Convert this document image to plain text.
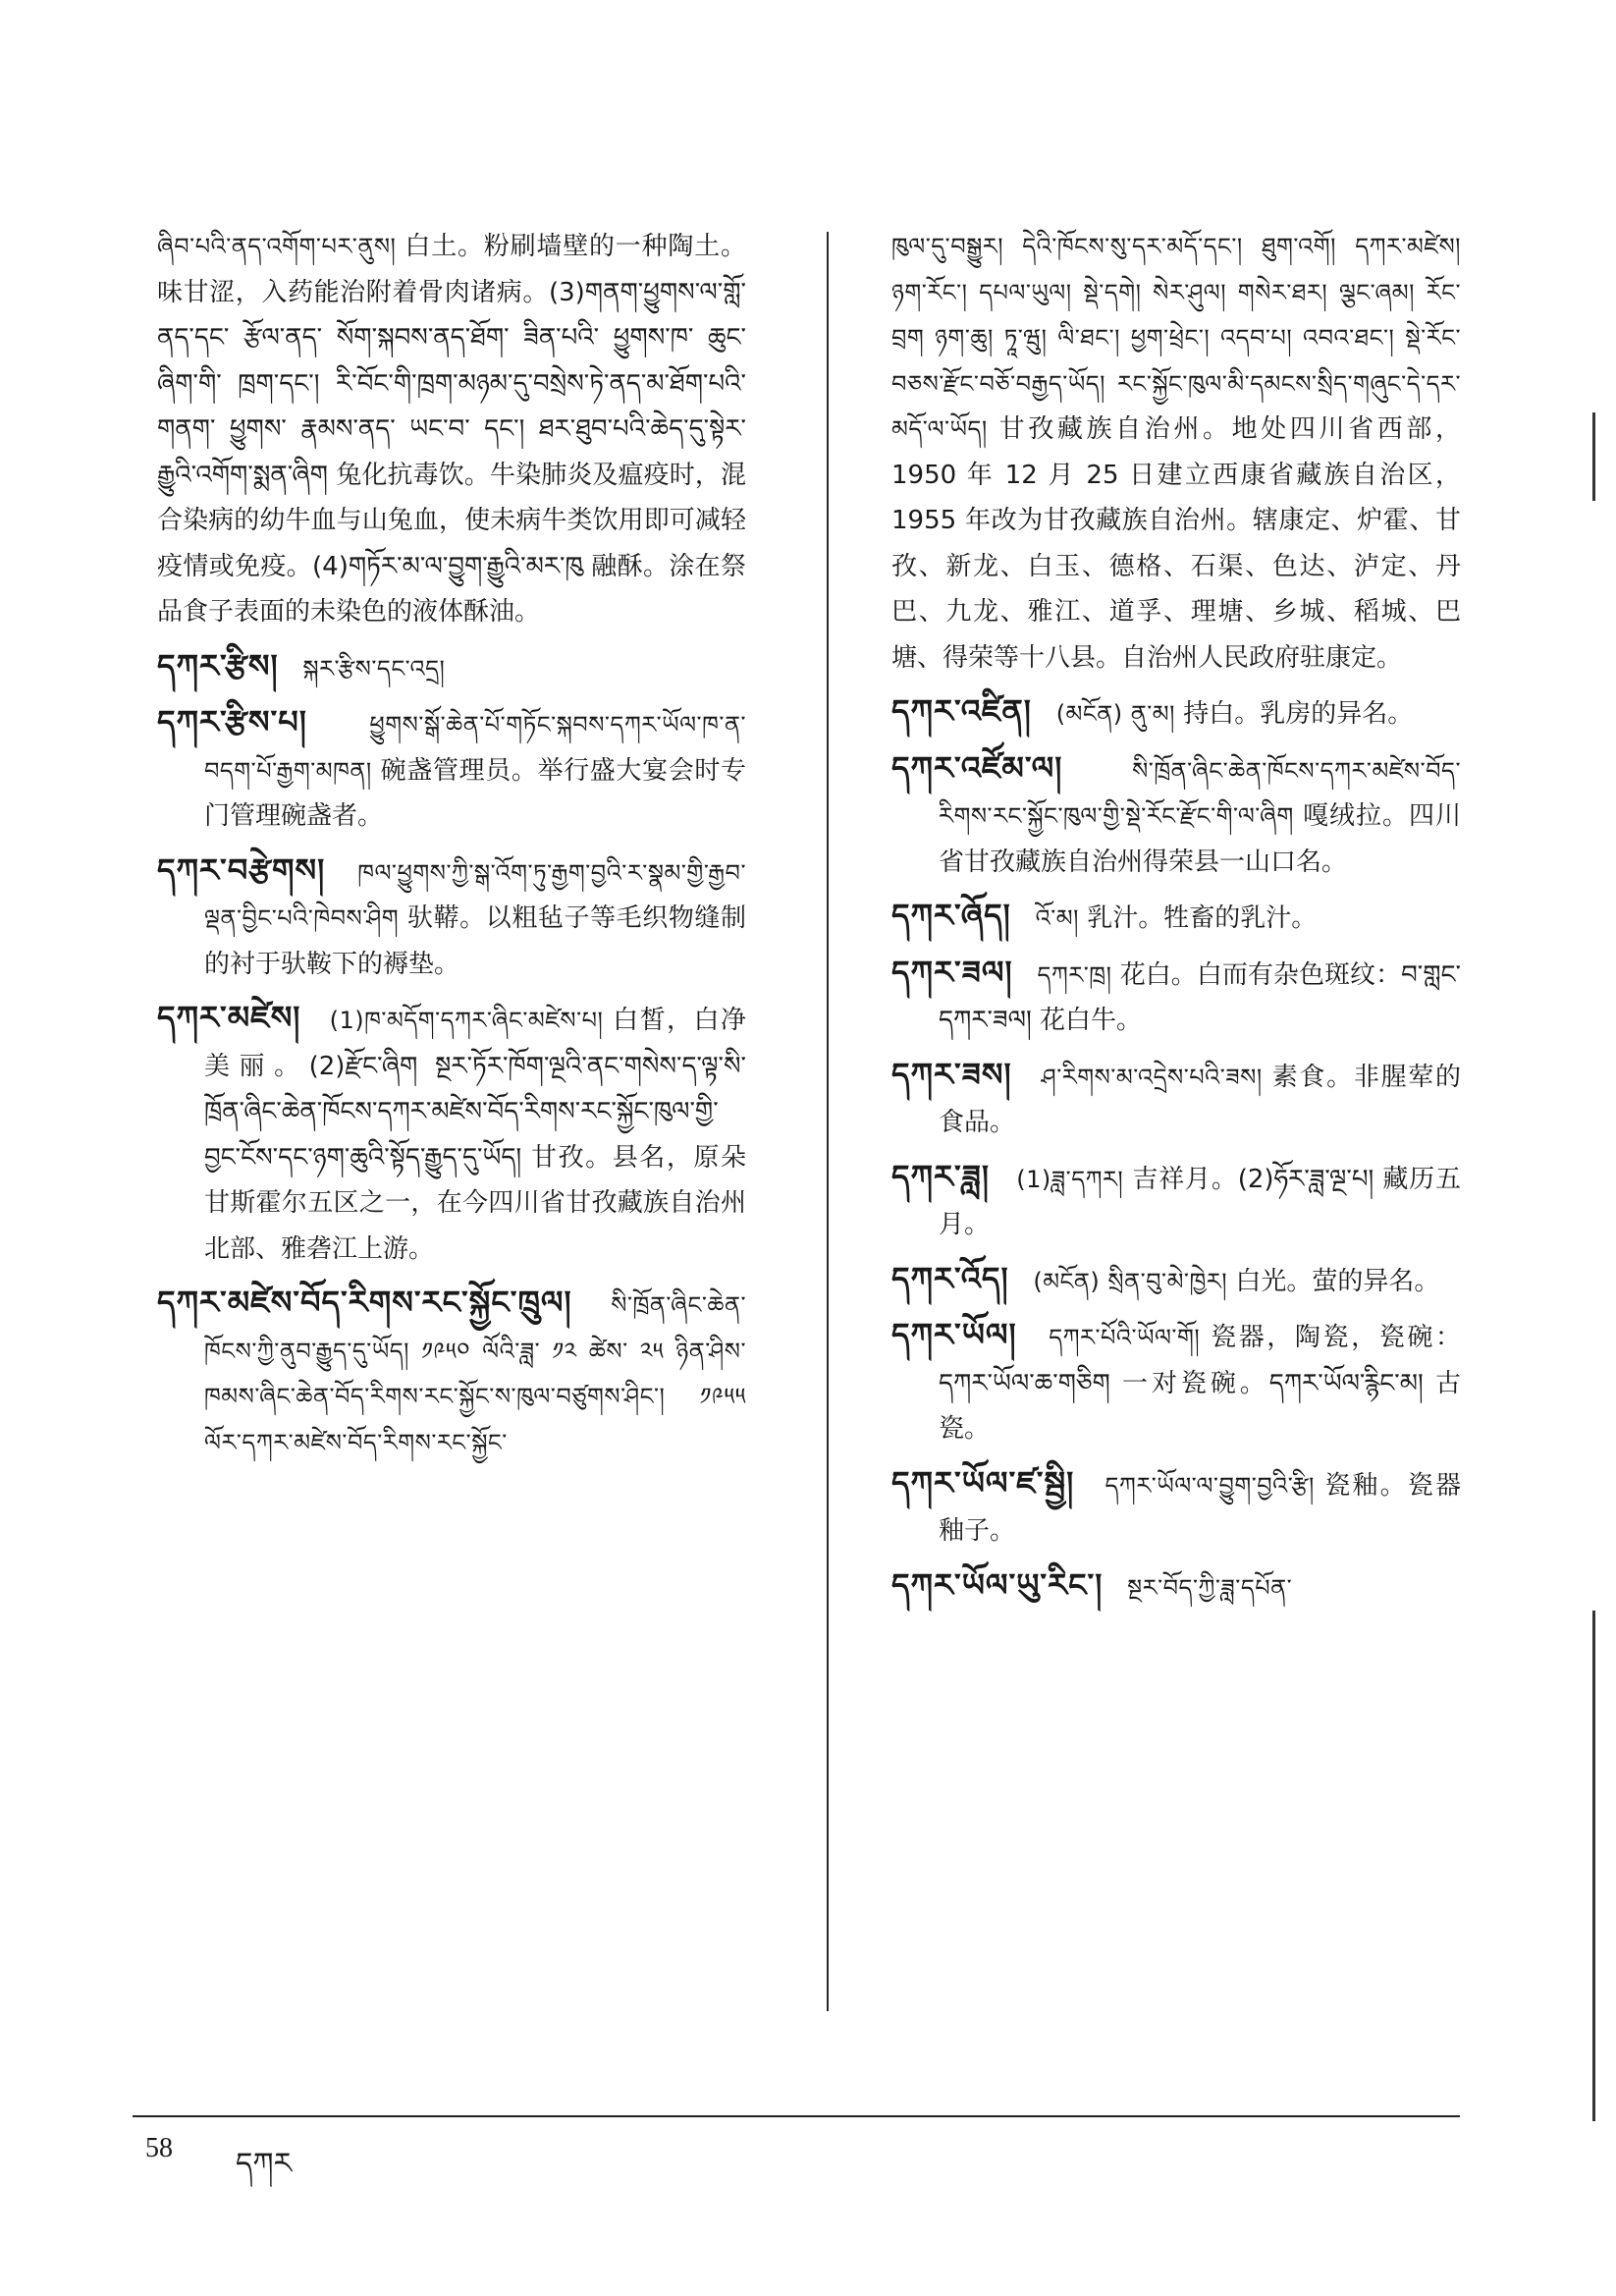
ཞིབ་པའི་ནད་འགོག་པར་ནུས། 白土。粉刷墙壁的一种陶土。味甘涩，入药能治附着骨肉诸病。(3)གནག་ཕྱུགས་ལ་གློ་ནད་དང་ རྩོལ་ནད་ སོག་སྐབས་ནད་ཐོག་ ཟིན་པའི་ ཕྱུགས་ཁ་ ཆུང་ ཞིག་གི་ ཁྲག་དང་། རི་བོང་གི་ཁྲག་མཉམ་དུ་བསྲེས་ཏེ་ནད་མ་ཐོག་པའི་ གནག་ ཕྱུགས་ རྣམས་ནད་ ཡང་བ་ དང་། ཐར་ཐུབ་པའི་ཆེད་དུ་སྟེར་རྒྱུའི་འགོག་སྨན་ཞིག 兔化抗毒饮。牛染肺炎及瘟疫时，混合染病的幼牛血与山兔血，使未病牛类饮用即可减轻疫情或免疫。(4)གཏོར་མ་ལ་བྱུག་རྒྱུའི་མར་ཁུ 融酥。涂在祭品食子表面的未染色的液体酥油。

དཀར་རྩིས། སྐར་རྩིས་དང་འདྲ།

དཀར་རྩིས་པ།	ཕྱུགས་སྒོ་ཆེན་པོ་གཏོང་སྐབས་དཀར་ཡོལ་ཁ་ན་བདག་པོ་རྒྱག་མཁན། 碗盏管理员。举行盛大宴会时专门管理碗盏者。

དཀར་བརྩེགས། ཁལ་ཕྱུགས་ཀྱི་སྒ་འོག་ཏུ་རྒྱག་བྱའི་ར་སྣམ་གྱི་རྒྱབ་ལྡན་བྱིང་པའི་ཁེབས་ཤིག 驮鞯。以粗毡子等毛织物缝制的衬于驮鞍下的褥垫。

དཀར་མཛེས། (1)ཁ་མདོག་དཀར་ཞིང་མཛེས་པ། 白皙，白净美丽。(2)རྫོང་ཞིག སྔར་ཏོར་ཁོག་ལྔའི་ནང་གསེས་ད་ལྟ་སི་ཁྲོན་ཞིང་ཆེན་ཁོངས་དཀར་མཛེས་བོད་རིགས་རང་སྐྱོང་ཁུལ་གྱི་བྱང་ངོས་དང་ཉག་ཆུའི་སྟོད་རྒྱུད་དུ་ཡོད། 甘孜。县名，原朵甘斯霍尔五区之一，在今四川省甘孜藏族自治州北部、雅砻江上游。

དཀར་མཛེས་བོད་རིགས་རང་སྐྱོང་ཁྲུལ། སི་ཁྲོན་ཞིང་ཆེན་ཁོངས་ཀྱི་ནུབ་རྒྱུད་དུ་ཡོད། ༡༩༥༠ ལོའི་ཟླ་ ༡༢ ཚེས་ ༢༥ ཉིན་ཤིས་ཁམས་ཞིང་ཆེན་བོད་རིགས་རང་སྐྱོང་ས་ཁུལ་བཙུགས་ཤིང་། ༡༩༥༥ ལོར་དཀར་མཛེས་བོད་རིགས་རང་སྐྱོང་

ཁུལ་དུ་བསྒྱུར། དེའི་ཁོངས་སུ་དར་མདོ་དང་། ཐུག་འགོ། དཀར་མཛེས། ཉག་རོང་། དཔལ་ཡུལ། སྡེ་དགེ། སེར་ཤུལ། གསེར་ཐར། ལྕང་ཞམ། རོང་བྲག ཉག་ཆུ། ཏཱ་ཝུ། ལི་ཐང་། ཕྱག་ཕྲེང་། འདབ་པ། འབའ་ཐང་། སྡེ་རོང་བཅས་རྫོང་བཅོ་བརྒྱད་ཡོད། རང་སྐྱོང་ཁུལ་མི་དམངས་སྲིད་གཞུང་དེ་དར་མདོ་ལ་ཡོད། 甘孜藏族自治州。地处四川省西部，1950 年 12 月 25 日建立西康省藏族自治区，1955 年改为甘孜藏族自治州。辖康定、炉霍、甘孜、新龙、白玉、德格、石渠、色达、泸定、丹巴、九龙、雅江、道孚、理塘、乡城、稻城、巴塘、得荣等十八县。自治州人民政府驻康定。

དཀར་འཛིན། (མངོན) ནུ་མ། 持白。乳房的异名。

དཀར་འཛོམ་ལ།	སི་ཁྲོན་ཞིང་ཆེན་ཁོངས་དཀར་མཛེས་བོད་རིགས་རང་སྐྱོང་ཁུལ་གྱི་སྡེ་རོང་རྫོང་གི་ལ་ཞིག 嘎绒拉。四川省甘孜藏族自治州得荣县一山口名。

དཀར་ཞོད། འོ་མ། 乳汁。牲畜的乳汁。

དཀར་ཟལ། དཀར་ཁྲ། 花白。白而有杂色斑纹：བ་གླང་དཀར་ཟལ། 花白牛。

དཀར་ཟས། ཤ་རིགས་མ་འདྲེས་པའི་ཟས། 素食。非腥荤的食品。

དཀར་ཟླ། (1)ཟླ་དཀར། 吉祥月。(2)ཧོར་ཟླ་ལྔ་པ། 藏历五月。

དཀར་འོད། (མངོན) སྲིན་བུ་མེ་ཁྱེར། 白光。萤的异名。

དཀར་ཡོལ། དཀར་པོའི་ཡོལ་གོ། 瓷器，陶瓷，瓷碗：དཀར་ཡོལ་ཆ་གཅིག 一对瓷碗。དཀར་ཡོལ་རྙིང་མ། 古瓷。

དཀར་ཡོལ་ཛ་སྦྱི། དཀར་ཡོལ་ལ་བྱུག་བྱའི་རྩི། 瓷釉。瓷器釉子。

དཀར་ཡོལ་ཡུ་རིང་། སྔར་བོད་ཀྱི་ཟླ་དཔོན་

58 དཀར
